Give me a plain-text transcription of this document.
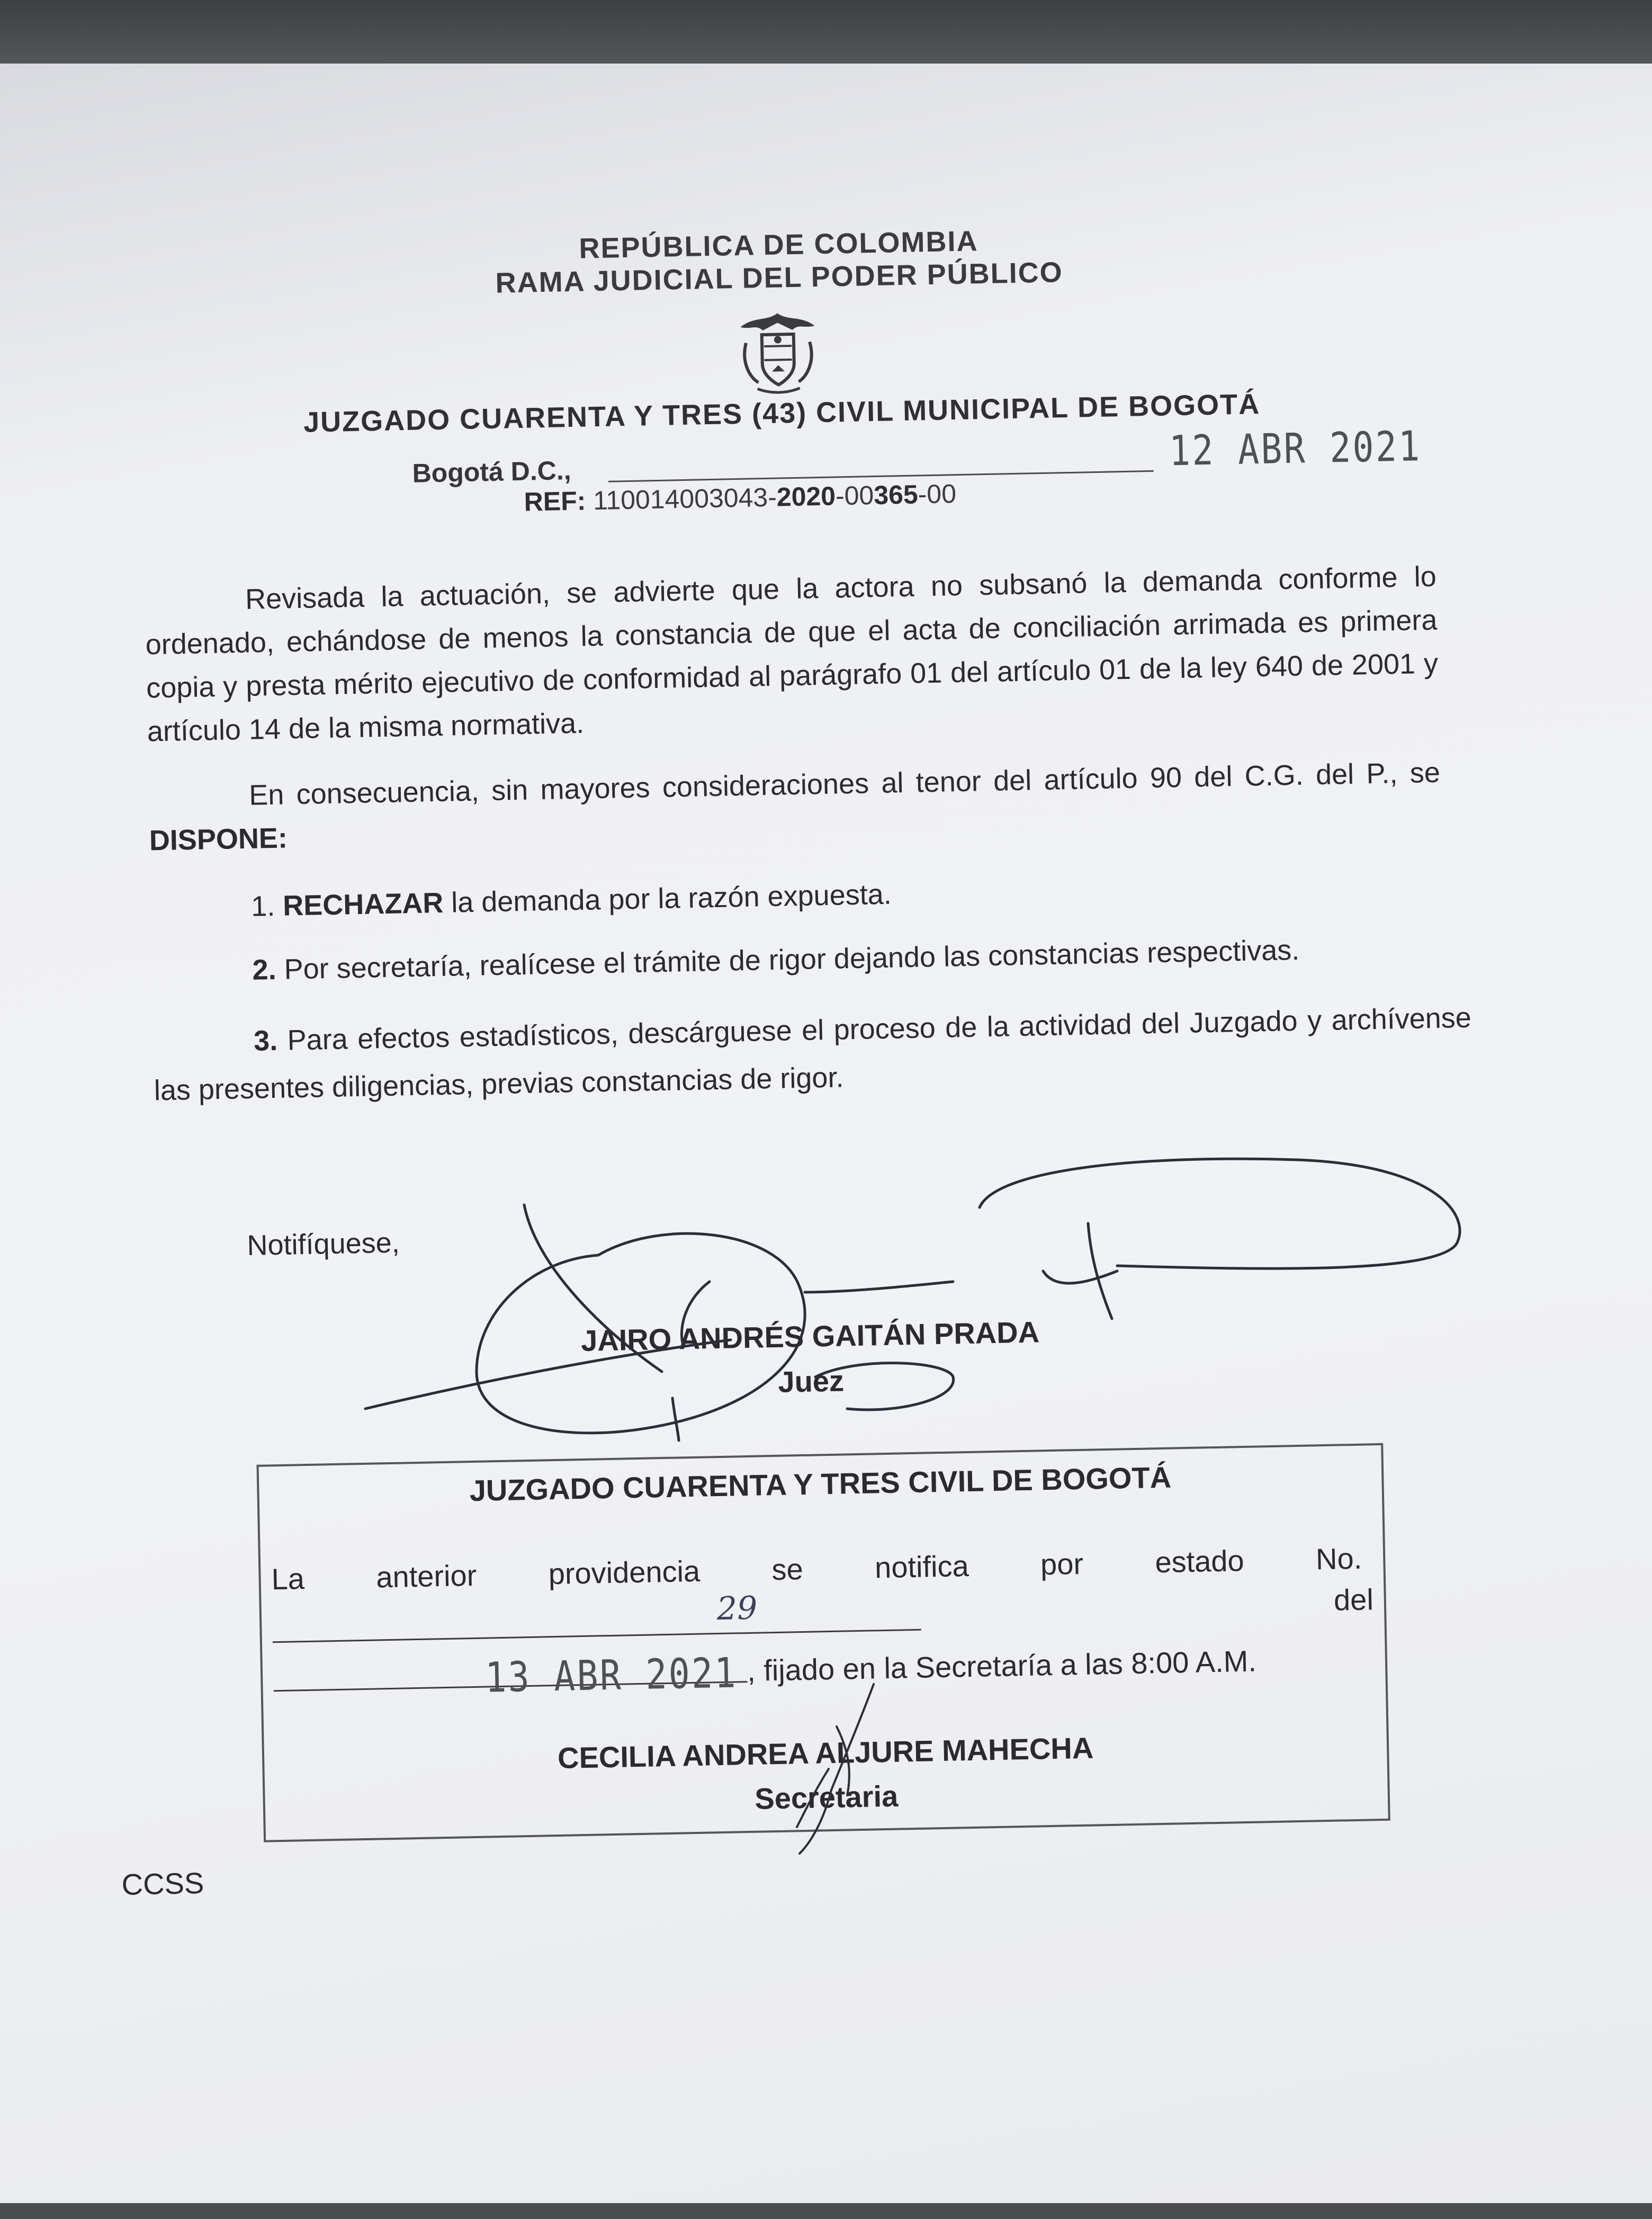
REPÚBLICA DE COLOMBIA
RAMA JUDICIAL DEL PODER PÚBLICO
JUZGADO CUARENTA Y TRES (43) CIVIL MUNICIPAL DE BOGOTÁ
Bogotá D.C.,	12 ABR 2021
REF: 110014003043-2020-00365-00
Revisada la actuación, se advierte que la actora no subsanó la demanda conforme lo ordenado, echándose de menos la constancia de que el acta de conciliación arrimada es primera copia y presta mérito ejecutivo de conformidad al parágrafo 01 del artículo 01 de la ley 640 de 2001 y artículo 14 de la misma normativa.
En consecuencia, sin mayores consideraciones al tenor del artículo 90 del C.G. del P., se DISPONE:
1. RECHAZAR la demanda por la razón expuesta.
2. Por secretaría, realícese el trámite de rigor dejando las constancias respectivas.
3. Para efectos estadísticos, descárguese el proceso de la actividad del Juzgado y archívense las presentes diligencias, previas constancias de rigor.
Notifíquese,
JAIRO ANDRÉS GAITÁN PRADA
Juez
JUZGADO CUARENTA Y TRES CIVIL DE BOGOTÁ
La anterior providencia se notifica por estado No.
29	del
13 ABR 2021 , fijado en la Secretaría a las 8:00 A.M.
CECILIA ANDREA ALJURE MAHECHA
Secretaria
CCSS
